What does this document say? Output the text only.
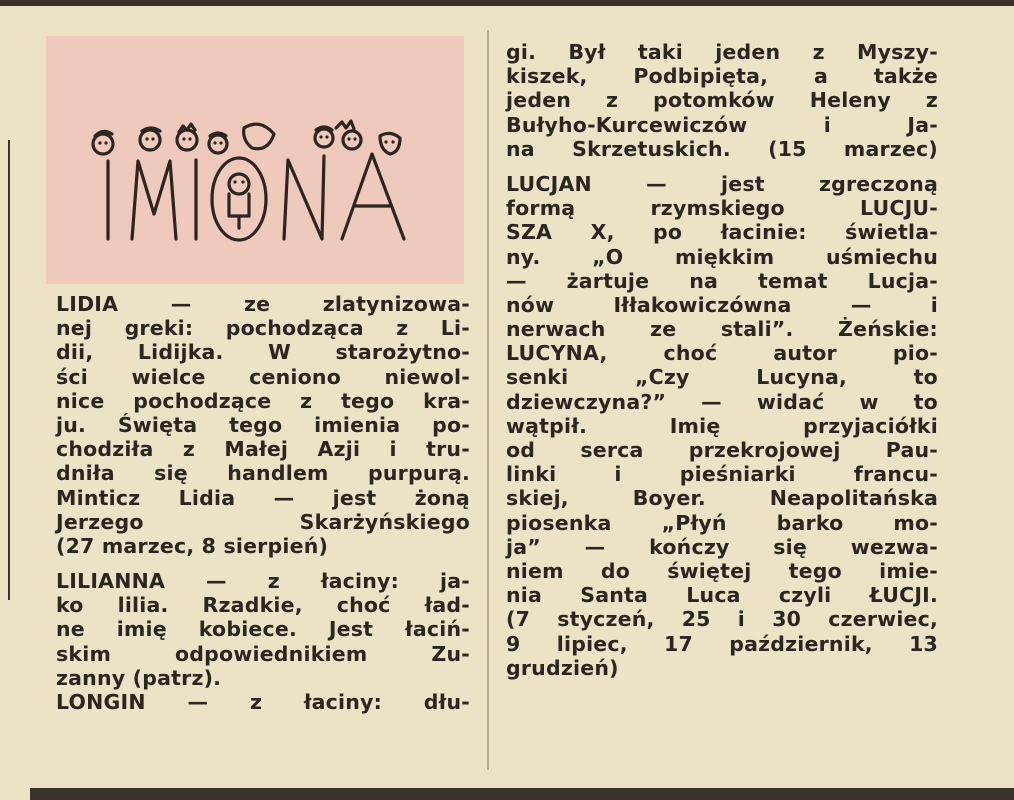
LIDIA	—	ze	zlatynizowa-
nej greki: pochodząca z Li-
dii, Lidijka. W starożytno-
ści wielce ceniono niewol-
nice pochodzące z tego kra-
ju. Święta tego imienia po-
chodziła z Małej Azji i tru-
dniła się handlem purpurą.
Minticz Lidia — jest żoną
Jerzego	Skarżyńskiego
(27 marzec, 8 sierpień)
LILIANNA — z łaciny: ja-
ko lilia. Rzadkie, choć ład-
ne imię kobiece. Jest łaciń-
skim	odpowiednikiem	Zu-
zanny (patrz).
LONGIN — z łaciny: dłu-
gi. Był taki jeden z Myszy-
kiszek, Podbipięta, a także
jeden z potomków Heleny z
Bułyho-Kurcewiczów	i	Ja-
na Skrzetuskich. (15 marzec)
LUCJAN	—	jest	zgreczoną
formą	rzymskiego	LUCJU-
SZA X, po łacinie: świetla-
ny.	„O	miękkim	uśmiechu
— żartuje na temat Lucja-
nów	Iłłakowiczówna	—	i
nerwach ze stali”. Żeńskie:
LUCYNA,	choć	autor	pio-
senki	„Czy	Lucyna,	to
dziewczyna?” — widać w to
wątpił.	Imię	przyjaciółki
od serca przekrojowej Pau-
linki	i	pieśniarki	francu-
skiej,	Boyer.	Neapolitańska
piosenka „Płyń barko mo-
ja” — kończy się wezwa-
niem do świętej tego imie-
nia Santa Luca czyli ŁUCJI.
(7 styczeń, 25 i 30 czerwiec,
9 lipiec, 17 październik, 13
grudzień)
